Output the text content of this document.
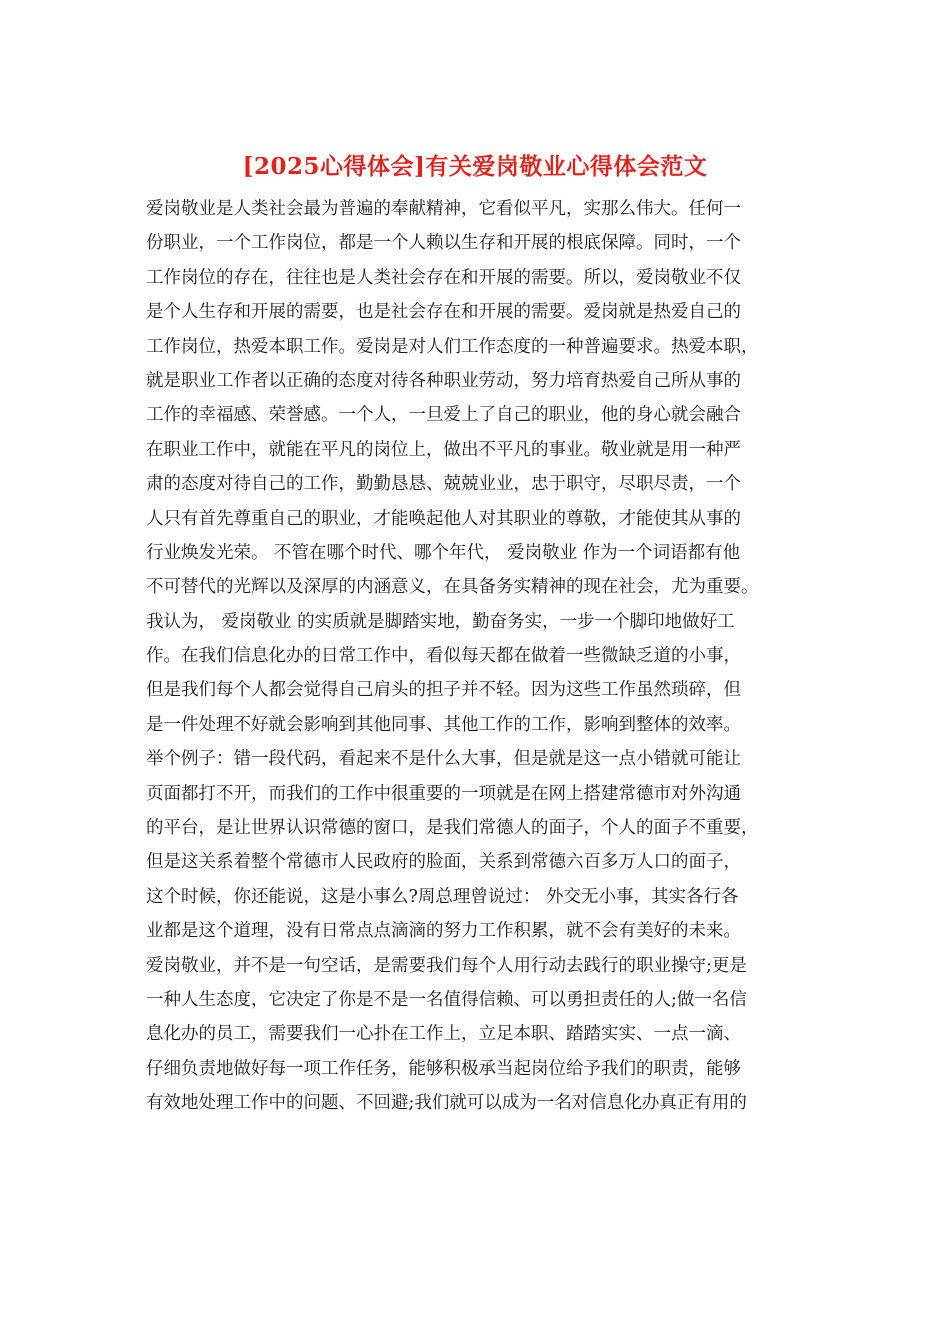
[2025心得体会]有关爱岗敬业心得体会范文
爱岗敬业是人类社会最为普遍的奉献精神，它看似平凡，实那么伟大。任何一
份职业，一个工作岗位，都是一个人赖以生存和开展的根底保障。同时，一个
工作岗位的存在，往往也是人类社会存在和开展的需要。所以，爱岗敬业不仅
是个人生存和开展的需要，也是社会存在和开展的需要。爱岗就是热爱自己的
工作岗位，热爱本职工作。爱岗是对人们工作态度的一种普遍要求。热爱本职，
就是职业工作者以正确的态度对待各种职业劳动，努力培育热爱自己所从事的
工作的幸福感、荣誉感。一个人，一旦爱上了自己的职业，他的身心就会融合
在职业工作中，就能在平凡的岗位上，做出不平凡的事业。敬业就是用一种严
肃的态度对待自己的工作，勤勤恳恳、兢兢业业，忠于职守，尽职尽责，一个
人只有首先尊重自己的职业，才能唤起他人对其职业的尊敬，才能使其从事的
行业焕发光荣。 不管在哪个时代、哪个年代， 爱岗敬业 作为一个词语都有他
不可替代的光辉以及深厚的内涵意义，在具备务实精神的现在社会，尤为重要。
我认为， 爱岗敬业 的实质就是脚踏实地，勤奋务实，一步一个脚印地做好工
作。在我们信息化办的日常工作中，看似每天都在做着一些微缺乏道的小事，
但是我们每个人都会觉得自己肩头的担子并不轻。因为这些工作虽然琐碎，但
是一件处理不好就会影响到其他同事、其他工作的工作，影响到整体的效率。
举个例子：错一段代码，看起来不是什么大事，但是就是这一点小错就可能让
页面都打不开，而我们的工作中很重要的一项就是在网上搭建常德市对外沟通
的平台，是让世界认识常德的窗口，是我们常德人的面子，个人的面子不重要，
但是这关系着整个常德市人民政府的脸面，关系到常德六百多万人口的面子，
这个时候，你还能说，这是小事么?周总理曾说过： 外交无小事，其实各行各
业都是这个道理，没有日常点点滴滴的努力工作积累，就不会有美好的未来。
爱岗敬业，并不是一句空话，是需要我们每个人用行动去践行的职业操守;更是
一种人生态度，它决定了你是不是一名值得信赖、可以勇担责任的人;做一名信
息化办的员工，需要我们一心扑在工作上，立足本职、踏踏实实、一点一滴、
仔细负责地做好每一项工作任务，能够积极承当起岗位给予我们的职责，能够
有效地处理工作中的问题、不回避;我们就可以成为一名对信息化办真正有用的
